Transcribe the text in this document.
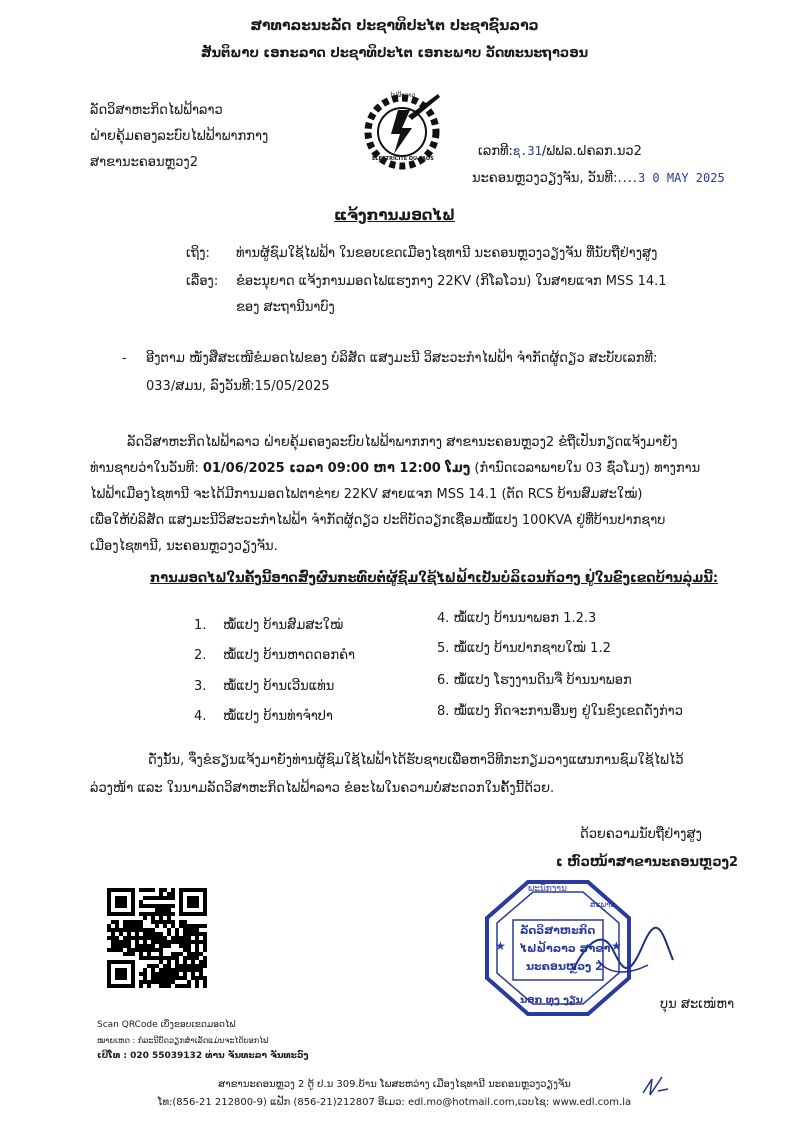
ສາທາລະນະລັດ ປະຊາທິປະໄຕ ປະຊາຊົນລາວ
ສັນຕິພາບ ເອກະລາດ ປະຊາທິປະໄຕ ເອກະພາບ ວັດທະນະຖາວອນ
ລັດວິສາຫະກິດໄຟຟ້າລາວ
ຝ່າຍຄຸ້ມຄອງລະບົບໄຟຟ້າພາກກາງ
ສາຂານະຄອນຫຼວງ2
ໄຟຟ້າລາວ
ELECTRICITE DU LAOS	ເລກທີ:ຊ.31/ຟຟລ.ຝຄລກ.ນວ2
ນະຄອນຫຼວງວຽງຈັນ, ວັນທີ:....3 0 MAY 2025
ແຈ້ງການມອດໄຟ
ເຖິງ: ທ່ານຜູ້ຊົມໃຊ້ໄຟຟ້າ ໃນຂອບເຂດເມືອງໄຊທານີ ນະຄອນຫຼວງວຽງຈັນ ທີ່ນັບຖືຢ່າງສູງ
ເລື່ອງ: ຂໍອະນຸຍາດ ແຈ້ງການມອດໄຟແຮງກາງ 22KV (ກິໂລໂວນ) ໃນສາຍແຈກ MSS 14.1
ຂອງ ສະຖານີນາບົງ
- ອີງຕາມ ໜັງສືສະເໜີຂໍມອດໄຟຂອງ ບໍລິສັດ ແສງມະນີ ວິສະວະກຳໄຟຟ້າ ຈຳກັດຜູ້ດຽວ ສະບັບເລກທີ:
033/ສມນ, ລົງວັນທີ:15/05/2025
ລັດວິສາຫະກິດໄຟຟ້າລາວ ຝ່າຍຄຸ້ມຄອງລະບົບໄຟຟ້າພາກກາງ ສາຂານະຄອນຫຼວງ2 ຂໍຖືເປັນກຽດແຈ້ງມາຍັງ
ທ່ານຊາບວ່າໃນວັນທີ: 01/06/2025 ເວລາ 09:00 ຫາ 12:00 ໂມງ (ກຳນົດເວລາພາຍໃນ 03 ຊົ່ວໂມງ) ທາງການ
ໄຟຟ້າເມືອງໄຊທານີ ຈະໄດ້ມີການມອດໄຟຕາຂ່າຍ 22KV ສາຍແຈກ MSS 14.1 (ຕັດ RCS ບ້ານສົມສະໃໝ່)
ເພື່ອໃຫ້ບໍລິສັດ ແສງມະນີວິສະວະກຳໄຟຟ້າ ຈຳກັດຜູ້ດຽວ ປະຕິບັດວຽກເຊື່ອມໝໍ້ແປງ 100KVA ຢູ່ທີ່ບ້ານປາກຊາບ
ເມືອງໄຊທານີ, ນະຄອນຫຼວງວຽງຈັນ.
ການມອດໄຟໃນຄັ້ງນີ້ອາດສົ່ງຜົນກະທົບຕໍ່ຜູ້ຊົມໃຊ້ໄຟຟ້າເປັນບໍລິເວນກ້ວາງ ຢູ່ໃນຂົງເຂດບ້ານລຸ່ມນີ້:
1. ໝໍ້ແປງ ບ້ານສົມສະໃໝ່
2. ໝໍ້ແປງ ບ້ານຫາດດອກຄຳ
3. ໝໍ້ແປງ ບ້ານເວີນແທ່ນ
4. ໝໍ້ແປງ ບ້ານທ່າຈຳປາ
4. ໝໍ້ແປງ ບ້ານນາພອກ 1.2.3
5. ໝໍ້ແປງ ບ້ານປາກຊາບໃໝ່ 1.2
6. ໝໍ້ແປງ ໂຮງງານດິນຈີ່ ບ້ານນາພອກ
8. ໝໍ້ແປງ ກິດຈະການອື່ນໆ ຢູ່ໃນຂົງເຂດດັ່ງກ່າວ
ດັ່ງນັ້ນ, ຈຶ່ງຂໍຮຽນແຈ້ງມາຍັງທ່ານຜູ້ຊົມໃຊ້ໄຟຟ້າໄດ້ຮັບຊາບເພື່ອຫາວິທີກະກຽມວາງແຜນການຊົມໃຊ້ໄຟໄວ້
ລ່ວງໜ້າ ແລະ ໃນນາມລັດວິສາຫະກິດໄຟຟ້າລາວ ຂໍອະໄພໃນຄວາມບໍ່ສະດວກໃນຄັ້ງນີ້ດ້ວຍ.
ດ້ວຍຄວາມນັບຖືຢ່າງສູງ
ເ ຫົວໜ້າສາຂານະຄອນຫຼວງ2
★	★
ພະນັກງານ
ສະພາບ
ລັດວິສາຫະກິດ
ໄຟຟ້າລາວ ສາຂາ
ນະຄອນຫຼວງ 2
ນອກ ທຸງ ງຽນ	ບຸນ ສະເໜ່ຫາ
Scan QRCode ເບິ່ງຂອບເຂດມອດໄຟ
ໝາຍເຫດ : ກໍລະນີບັດວຽກສຳເລັດແມ່ນຈະໄດ້ບອກໄຟ
ເບີໂທ : 020 55039132 ທ່ານ ຈັນທະລາ ຈັນທະວົງ
ສາຂານະຄອນຫຼວງ 2 ຕູ້ ປ.ນ 309.ບ້ານ ໂພສະຫວ່າງ ເມືອງໄຊທານີ ນະຄອນຫຼວງວຽງຈັນ
ໂທ:(856-21 212800-9) ແຟັກ (856-21)212807 ອີເມວ: edl.mo@hotmail.com,ເວບໄຊ: www.edl.com.la
